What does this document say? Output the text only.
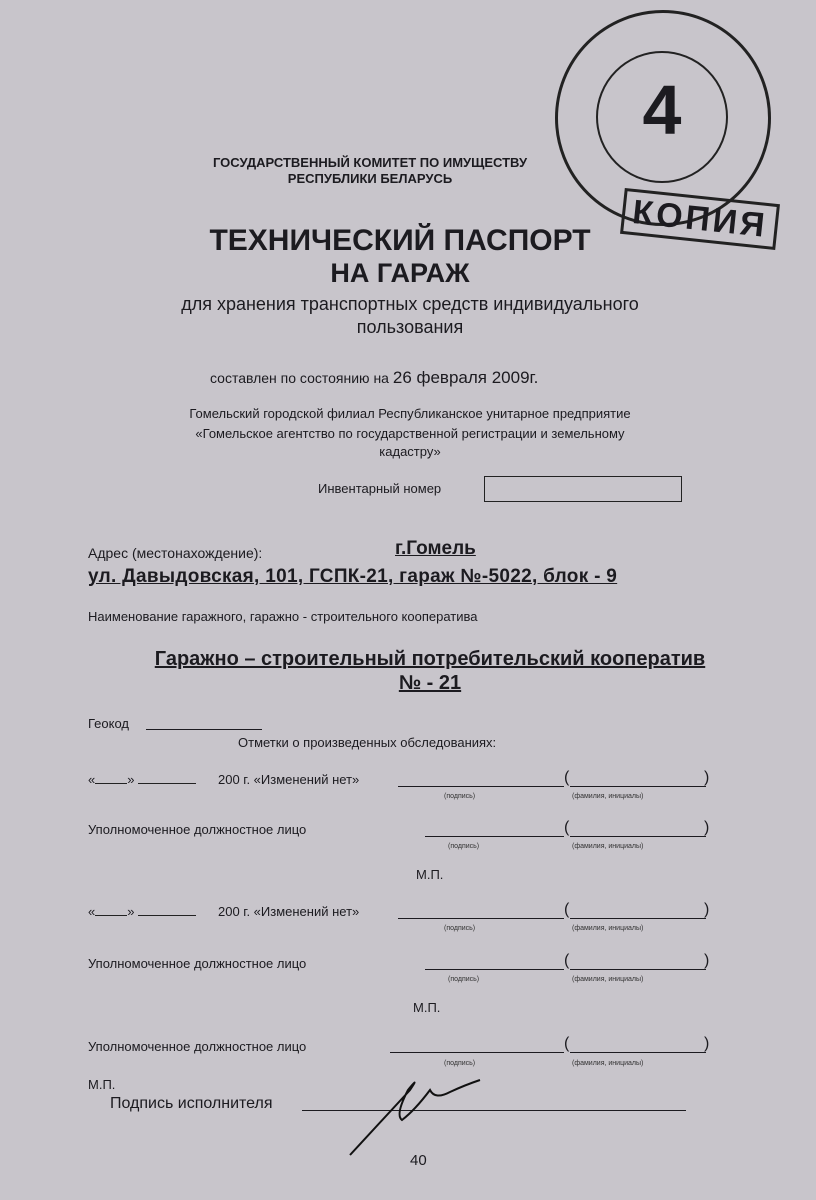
4
КОПИЯ
ГОСУДАРСТВЕННЫЙ КОМИТЕТ ПО ИМУЩЕСТВУ
РЕСПУБЛИКИ БЕЛАРУСЬ
ТЕХНИЧЕСКИЙ ПАСПОРТ
НА ГАРАЖ
для хранения транспортных средств индивидуального
пользования
составлен по состоянию на 26 февраля 2009г.
Гомельский городской филиал Республиканское унитарное предприятие
«Гомельское агентство по государственной регистрации и земельному
кадастру»
Инвентарный номер
Адрес (местонахождение):	г.Гомель
ул. Давыдовская, 101, ГСПК-21, гараж №-5022, блок - 9
Наименование гаражного, гаражно - строительного кооператива
Гаражно – строительный потребительский кооператив
№ - 21
Геокод
Отметки о произведенных обследованиях:
« »	200 г. «Изменений нет»	(	)
(подпись)	(фамилия, инициалы)
Уполномоченное должностное лицо	(	)
(подпись)	(фамилия, инициалы)
М.П.
« »	200 г. «Изменений нет»	(	)
(подпись)	(фамилия, инициалы)
Уполномоченное должностное лицо	(	)
(подпись)	(фамилия, инициалы)
М.П.
Уполномоченное должностное лицо	(	)
(подпись)	(фамилия, инициалы)
М.П.
Подпись исполнителя
40
